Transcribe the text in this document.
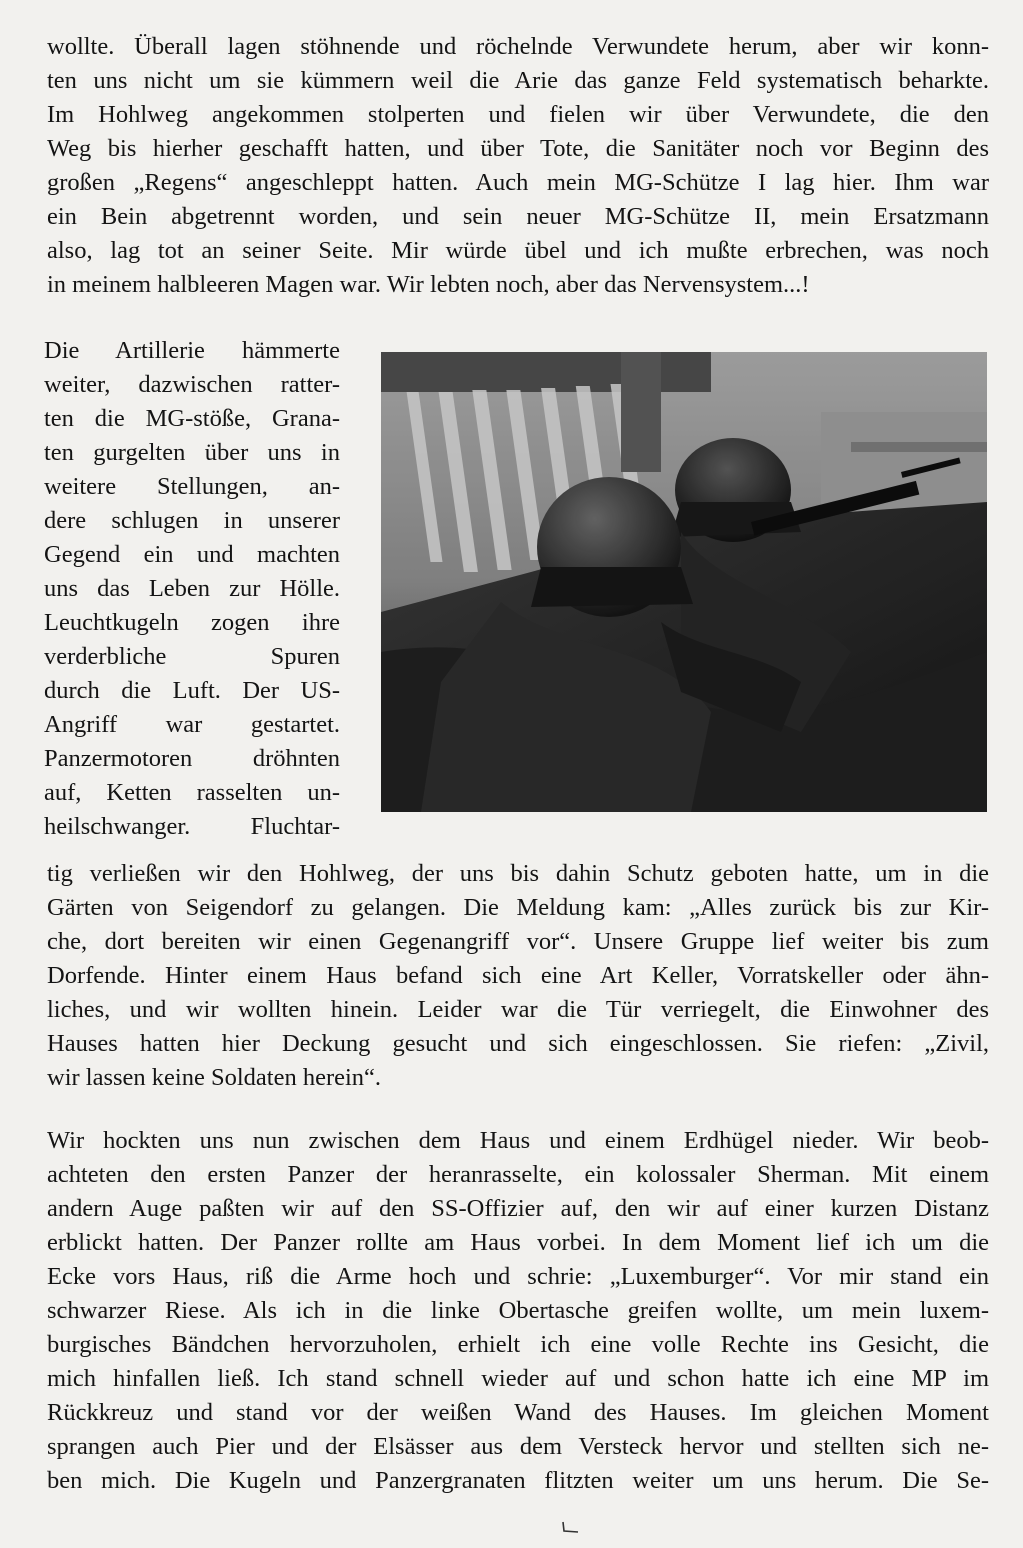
wollte. Überall lagen stöhnende und röchelnde Verwundete herum, aber wir konn-
ten uns nicht um sie kümmern weil die Arie das ganze Feld systematisch beharkte.
Im Hohlweg angekommen stolperten und fielen wir über Verwundete, die den
Weg bis hierher geschafft hatten, und über Tote, die Sanitäter noch vor Beginn des
großen „Regens“ angeschleppt hatten. Auch mein MG-Schütze I lag hier. Ihm war
ein Bein abgetrennt worden, und sein neuer MG-Schütze II, mein Ersatzmann
also, lag tot an seiner Seite. Mir würde übel und ich mußte erbrechen, was noch
in meinem halbleeren Magen war. Wir lebten noch, aber das Nervensystem...!
Die Artillerie hämmerte
weiter, dazwischen ratter-
ten die MG-stöße, Grana-
ten gurgelten über uns in
weitere Stellungen, an-
dere schlugen in unserer
Gegend ein und machten
uns das Leben zur Hölle.
Leuchtkugeln zogen ihre
verderbliche Spuren
durch die Luft. Der US-
Angriff war gestartet.
Panzermotoren dröhnten
auf, Ketten rasselten un-
heilschwanger. Fluchtar-
tig verließen wir den Hohlweg, der uns bis dahin Schutz geboten hatte, um in die
Gärten von Seigendorf zu gelangen. Die Meldung kam: „Alles zurück bis zur Kir-
che, dort bereiten wir einen Gegenangriff vor“. Unsere Gruppe lief weiter bis zum
Dorfende. Hinter einem Haus befand sich eine Art Keller, Vorratskeller oder ähn-
liches, und wir wollten hinein. Leider war die Tür verriegelt, die Einwohner des
Hauses hatten hier Deckung gesucht und sich eingeschlossen. Sie riefen: „Zivil,
wir lassen keine Soldaten herein“.
Wir hockten uns nun zwischen dem Haus und einem Erdhügel nieder. Wir beob-
achteten den ersten Panzer der heranrasselte, ein kolossaler Sherman. Mit einem
andern Auge paßten wir auf den SS-Offizier auf, den wir auf einer kurzen Distanz
erblickt hatten. Der Panzer rollte am Haus vorbei. In dem Moment lief ich um die
Ecke vors Haus, riß die Arme hoch und schrie: „Luxemburger“. Vor mir stand ein
schwarzer Riese. Als ich in die linke Obertasche greifen wollte, um mein luxem-
burgisches Bändchen hervorzuholen, erhielt ich eine volle Rechte ins Gesicht, die
mich hinfallen ließ. Ich stand schnell wieder auf und schon hatte ich eine MP im
Rückkreuz und stand vor der weißen Wand des Hauses. Im gleichen Moment
sprangen auch Pier und der Elsässer aus dem Versteck hervor und stellten sich ne-
ben mich. Die Kugeln und Panzergranaten flitzten weiter um uns herum. Die Se-
